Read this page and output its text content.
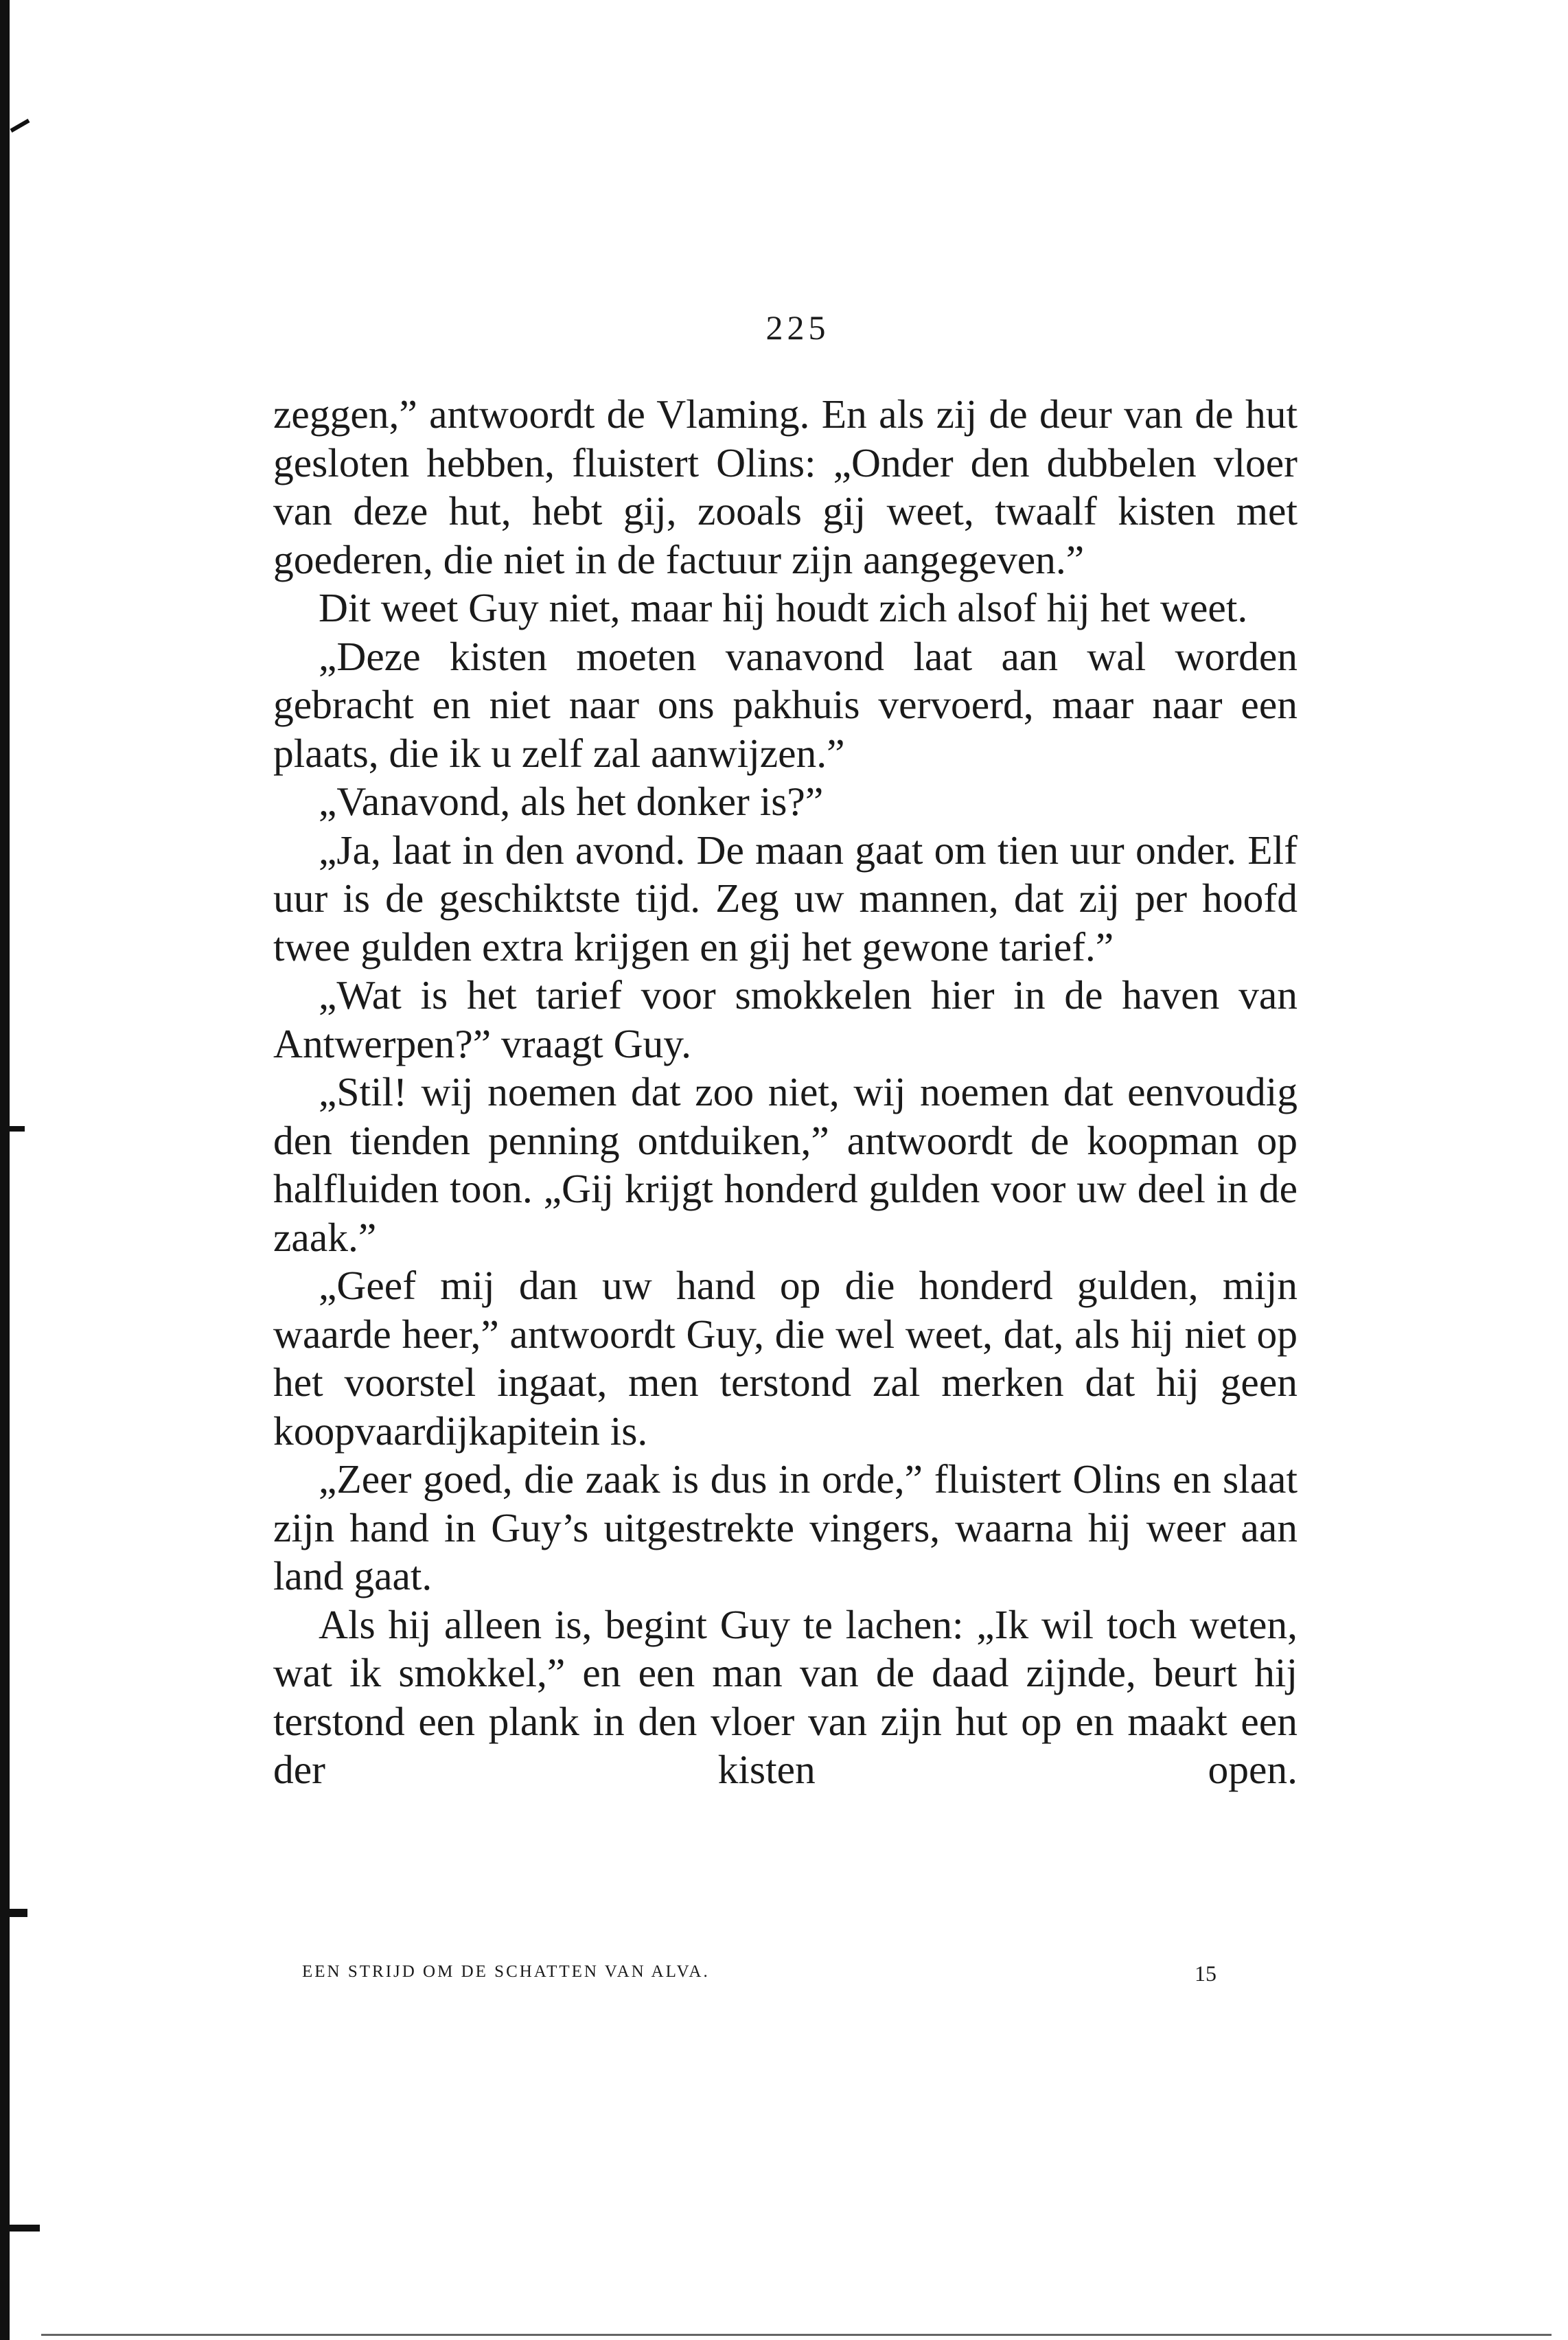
225

zeggen,” antwoordt de Vlaming. En als zij de deur van de hut gesloten hebben, fluistert Olins: „Onder den dubbelen vloer van deze hut, hebt gij, zooals gij weet, twaalf kisten met goederen, die niet in de factuur zijn aangegeven.”

Dit weet Guy niet, maar hij houdt zich alsof hij het weet.

„Deze kisten moeten vanavond laat aan wal worden gebracht en niet naar ons pakhuis vervoerd, maar naar een plaats, die ik u zelf zal aanwijzen.”

„Vanavond, als het donker is?”

„Ja, laat in den avond. De maan gaat om tien uur onder. Elf uur is de geschiktste tijd. Zeg uw mannen, dat zij per hoofd twee gulden extra krijgen en gij het gewone tarief.”

„Wat is het tarief voor smokkelen hier in de haven van Antwerpen?” vraagt Guy.

„Stil! wij noemen dat zoo niet, wij noemen dat eenvoudig den tienden penning ontduiken,” antwoordt de koopman op halfluiden toon. „Gij krijgt honderd gulden voor uw deel in de zaak.”

„Geef mij dan uw hand op die honderd gulden, mijn waarde heer,” antwoordt Guy, die wel weet, dat, als hij niet op het voorstel ingaat, men terstond zal merken dat hij geen koopvaardijkapitein is.

„Zeer goed, die zaak is dus in orde,” fluistert Olins en slaat zijn hand in Guy’s uitgestrekte vingers, waarna hij weer aan land gaat.

Als hij alleen is, begint Guy te lachen: „Ik wil toch weten, wat ik smokkel,” en een man van de daad zijnde, beurt hij terstond een plank in den vloer van zijn hut op en maakt een der kisten open.

EEN STRIJD OM DE SCHATTEN VAN ALVA.	15
